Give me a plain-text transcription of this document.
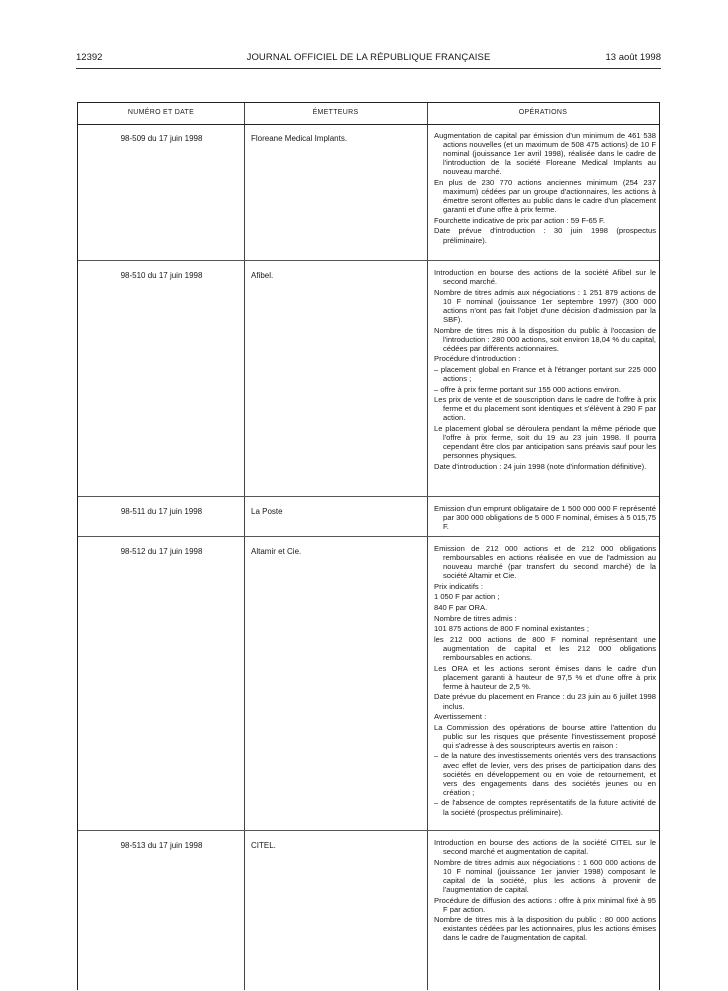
12392	JOURNAL OFFICIEL DE LA RÉPUBLIQUE FRANÇAISE	13 août 1998
NUMÉRO ET DATE	ÉMETTEURS	OPÉRATIONS
98-509 du 17 juin 1998	Floreane Medical Implants.	Augmentation de capital par émission d'un minimum de 461 538 actions nouvelles (et un maximum de 508 475 actions) de 10 F nominal (jouissance 1er avril 1998), réalisée dans le cadre de l'introduction de la société Floreane Medical Implants au nouveau marché.

En plus de 230 770 actions anciennes minimum (254 237 maximum) cédées par un groupe d'actionnaires, les actions à émettre seront offertes au public dans le cadre d'un placement garanti et d'une offre à prix ferme.

Fourchette indicative de prix par action : 59 F-65 F.

Date prévue d'introduction : 30 juin 1998 (prospectus préliminaire).

98-510 du 17 juin 1998	Afibel.	Introduction en bourse des actions de la société Afibel sur le second marché.

Nombre de titres admis aux négociations : 1 251 879 actions de 10 F nominal (jouissance 1er septembre 1997) (300 000 actions n'ont pas fait l'objet d'une décision d'admission par la SBF).

Nombre de titres mis à la disposition du public à l'occasion de l'introduction : 280 000 actions, soit environ 18,04 % du capital, cédées par différents actionnaires.

Procédure d'introduction :

– placement global en France et à l'étranger portant sur 225 000 actions ;

– offre à prix ferme portant sur 155 000 actions environ.

Les prix de vente et de souscription dans le cadre de l'offre à prix ferme et du placement sont identiques et s'élèvent à 290 F par action.

Le placement global se déroulera pendant la même période que l'offre à prix ferme, soit du 19 au 23 juin 1998. Il pourra cependant être clos par anticipation sans préavis sauf pour les personnes physiques.

Date d'introduction : 24 juin 1998 (note d'information définitive).

98-511 du 17 juin 1998	La Poste	Emission d'un emprunt obligataire de 1 500 000 000 F représenté par 300 000 obligations de 5 000 F nominal, émises à 5 015,75 F.

98-512 du 17 juin 1998	Altamir et Cie.	Emission de 212 000 actions et de 212 000 obligations remboursables en actions réalisée en vue de l'admission au nouveau marché (par transfert du second marché) de la société Altamir et Cie.

Prix indicatifs :

1 050 F par action ;

840 F par ORA.

Nombre de titres admis :

101 875 actions de 800 F nominal existantes ;

les 212 000 actions de 800 F nominal représentant une augmentation de capital et les 212 000 obligations remboursables en actions.

Les ORA et les actions seront émises dans le cadre d'un placement garanti à hauteur de 97,5 % et d'une offre à prix ferme à hauteur de 2,5 %.

Date prévue du placement en France : du 23 juin au 6 juillet 1998 inclus.

Avertissement :

La Commission des opérations de bourse attire l'attention du public sur les risques que présente l'investissement proposé qui s'adresse à des souscripteurs avertis en raison :

– de la nature des investissements orientés vers des transactions avec effet de levier, vers des prises de participation dans des sociétés en développement ou en voie de retournement, et vers des engagements dans des sociétés jeunes ou en création ;

– de l'absence de comptes représentatifs de la future activité de la société (prospectus préliminaire).

98-513 du 17 juin 1998	CITEL.	Introduction en bourse des actions de la société CITEL sur le second marché et augmentation de capital.

Nombre de titres admis aux négociations : 1 600 000 actions de 10 F nominal (jouissance 1er janvier 1998) composant le capital de la société, plus les actions à provenir de l'augmentation de capital.

Procédure de diffusion des actions : offre à prix minimal fixé à 95 F par action.

Nombre de titres mis à la disposition du public : 80 000 actions existantes cédées par les actionnaires, plus les actions émises dans le cadre de l'augmentation de capital.
